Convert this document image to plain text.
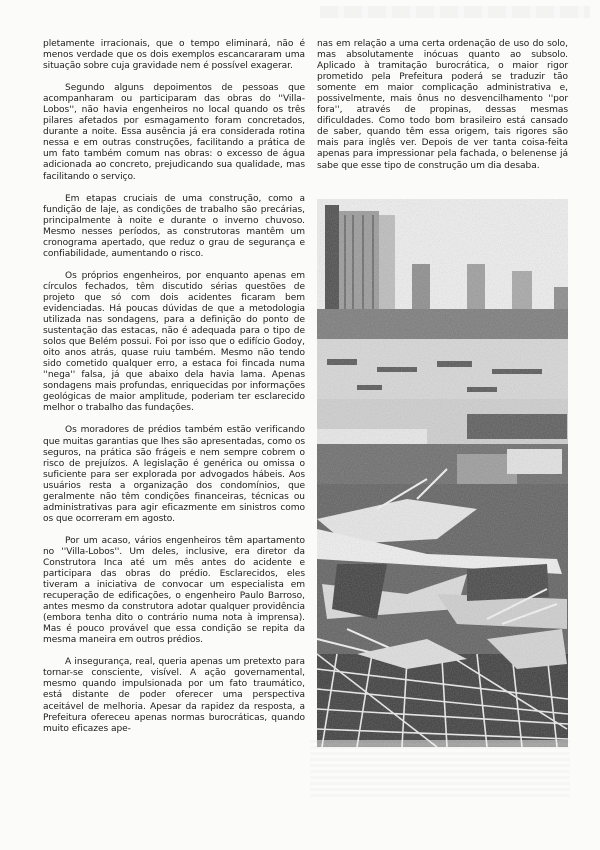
pletamente irracionais, que o tempo eliminará, não é menos verdade que os dois exemplos escancararam uma situação sobre cuja gravidade nem é possível exagerar.

Segundo alguns depoimentos de pessoas que acompanharam ou participaram das obras do ''Villa-Lobos'', não havia engenheiros no local quando os três pilares afetados por esmagamento foram concretados, durante a noite. Essa ausência já era considerada rotina nessa e em outras construções, facilitando a prática de um fato também comum nas obras: o excesso de água adicionada ao concreto, prejudicando sua qualidade, mas facilitando o serviço.

Em etapas cruciais de uma construção, como a fundição de laje, as condições de trabalho são precárias, principalmente à noite e durante o inverno chuvoso. Mesmo nesses períodos, as construtoras mantêm um cronograma apertado, que reduz o grau de segurança e confiabilidade, aumentando o risco.

Os próprios engenheiros, por enquanto apenas em círculos fechados, têm discutido sérias questões de projeto que só com dois acidentes ficaram bem evidenciadas. Há poucas dúvidas de que a metodologia utilizada nas sondagens, para a definição do ponto de sustentação das estacas, não é adequada para o tipo de solos que Belém possui. Foi por isso que o edifício Godoy, oito anos atrás, quase ruiu também. Mesmo não tendo sido cometido qualquer erro, a estaca foi fincada numa ''nega'' falsa, já que abaixo dela havia lama. Apenas sondagens mais profundas, enriquecidas por informações geológicas de maior amplitude, poderiam ter esclarecido melhor o trabalho das fundações.

Os moradores de prédios também estão verificando que muitas garantias que lhes são apresentadas, como os seguros, na prática são frágeis e nem sempre cobrem o risco de prejuízos. A legislação é genérica ou omissa o suficiente para ser explorada por advogados hábeis. Aos usuários resta a organização dos condomínios, que geralmente não têm condições financeiras, técnicas ou administrativas para agir eficazmente em sinistros como os que ocorreram em agosto.

Por um acaso, vários engenheiros têm apartamento no ''Villa-Lobos''. Um deles, inclusive, era diretor da Construtora Inca até um mês antes do acidente e participara das obras do prédio. Esclarecidos, eles tiveram a iniciativa de convocar um especialista em recuperação de edificações, o engenheiro Paulo Barroso, antes mesmo da construtora adotar qualquer providência (embora tenha dito o contrário numa nota à imprensa). Mas é pouco provável que essa condição se repita da mesma maneira em outros prédios.

A insegurança, real, queria apenas um pretexto para tornar-se consciente, visível. A ação governamental, mesmo quando impulsionada por um fato traumático, está distante de poder oferecer uma perspectiva aceitável de melhoria. Apesar da rapidez da resposta, a Prefeitura ofereceu apenas normas burocráticas, quando muito eficazes ape-

nas em relação a uma certa ordenação de uso do solo, mas absolutamente inócuas quanto ao subsolo. Aplicado à tramitação burocrática, o maior rigor prometido pela Prefeitura poderá se traduzir tão somente em maior complicação administrativa e, possivelmente, mais ônus no desvencilhamento ''por fora'', através de propinas, dessas mesmas dificuldades. Como todo bom brasileiro está cansado de saber, quando têm essa origem, tais rigores são mais para inglês ver. Depois de ver tanta coisa-feita apenas para impressionar pela fachada, o belenense já sabe que esse tipo de construção um dia desaba.
